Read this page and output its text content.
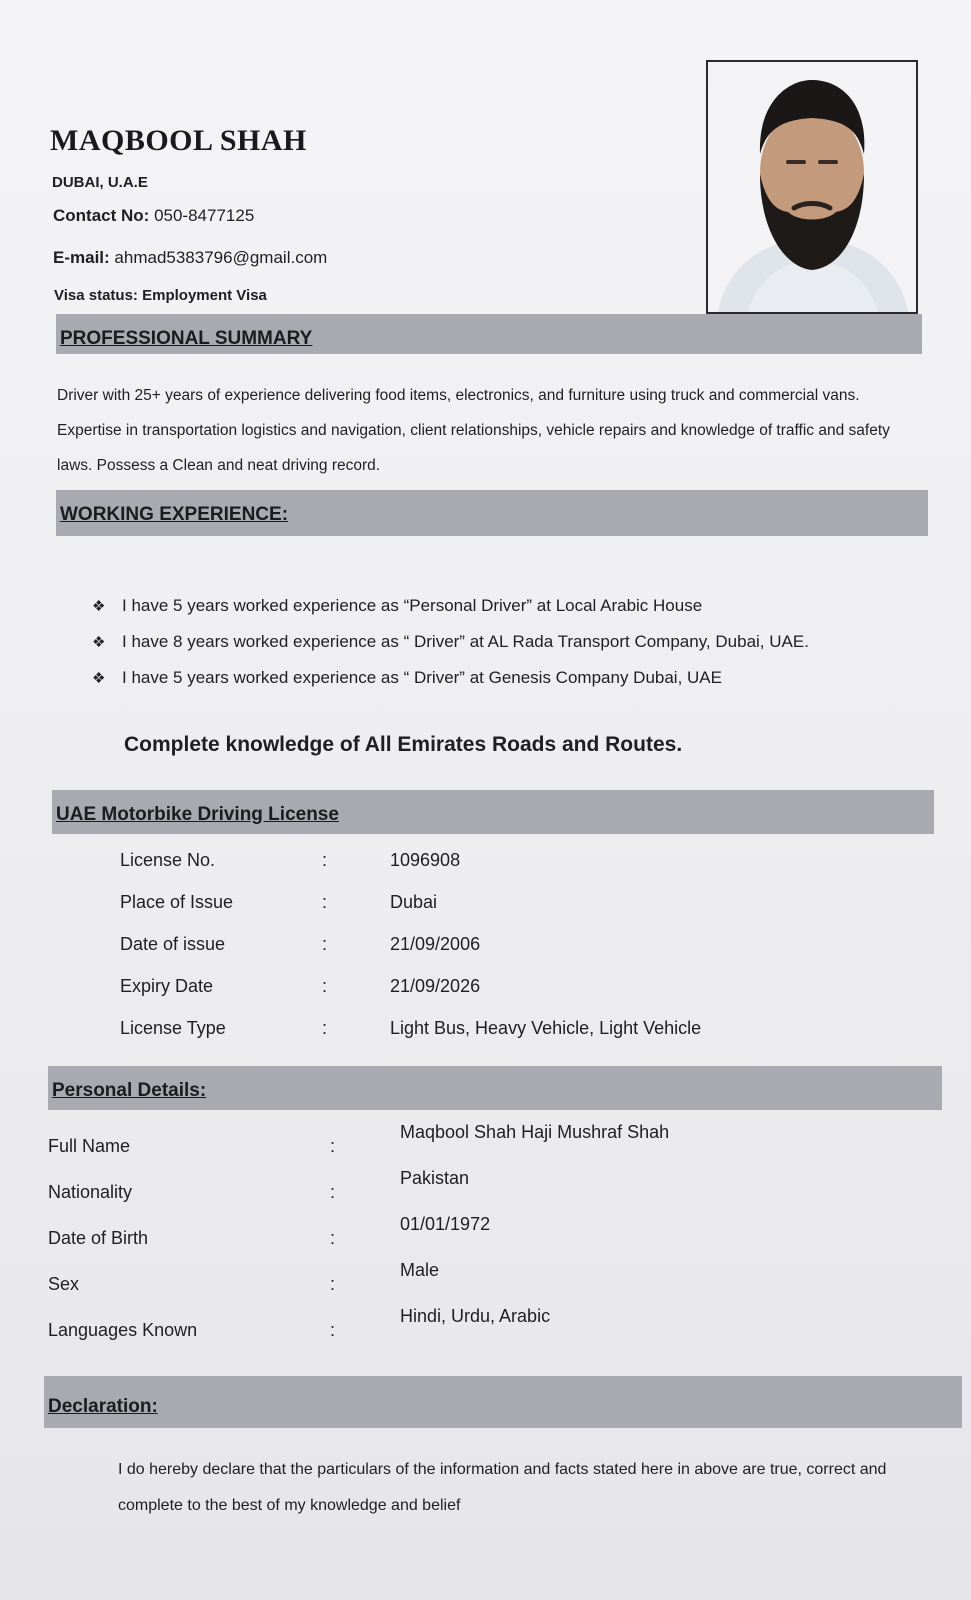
MAQBOOL SHAH
DUBAI, U.A.E
Contact No: 050-8477125
E-mail: ahmad5383796@gmail.com
Visa status: Employment Visa
PROFESSIONAL SUMMARY
Driver with 25+ years of experience delivering food items, electronics, and furniture using truck and commercial vans. Expertise in transportation logistics and navigation, client relationships, vehicle repairs and knowledge of traffic and safety laws. Possess a Clean and neat driving record.
WORKING EXPERIENCE:
❖ I have 5 years worked experience as “Personal Driver” at Local Arabic House
❖ I have 8 years worked experience as “ Driver” at AL Rada Transport Company, Dubai, UAE.
❖ I have 5 years worked experience as “ Driver” at Genesis Company Dubai, UAE
Complete knowledge of All Emirates Roads and Routes.
UAE Motorbike Driving License
License No.	:	1096908
Place of Issue	:	Dubai
Date of issue	:	21/09/2006
Expiry Date	:	21/09/2026
License Type	:	Light Bus, Heavy Vehicle, Light Vehicle
Personal Details:
Full Name	:
Maqbool Shah Haji Mushraf Shah
Nationality	:
Pakistan
Date of Birth	:
01/01/1972
Sex	:
Male
Languages Known	:
Hindi, Urdu, Arabic
Declaration:
I do hereby declare that the particulars of the information and facts stated here in above are true, correct and complete to the best of my knowledge and belief
